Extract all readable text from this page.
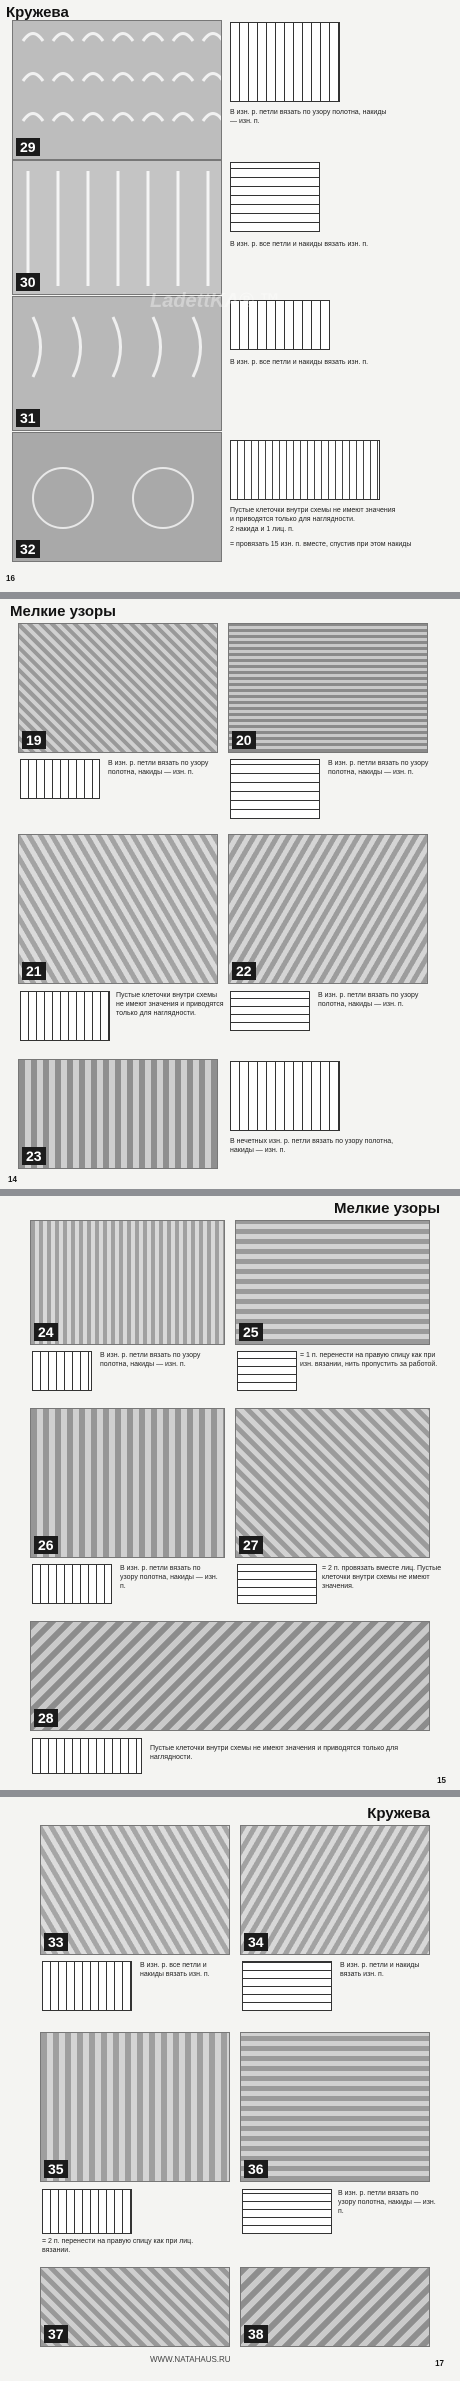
Кружева
29
В изн. р. петли вязать по узору полотна, накиды — изн. п.
30
В изн. р. все петли и накиды вязать изн. п.
31
В изн. р. все петли и накиды вязать изн. п.
32
Пустые клеточки внутри схемы не имеют значения и приводятся только для наглядности.
2 накида и 1 лиц. п.
= провязать 15 изн. п. вместе, спустив при этом накиды
16
LadettKA® ™
Мелкие узоры
19	20
В изн. р. петли вязать по узору полотна, накиды — изн. п.
В изн. р. петли вязать по узору полотна, накиды — изн. п.
21	22
Пустые клеточки внутри схемы не имеют значения и приводятся только для наглядности.
В изн. р. петли вязать по узору полотна, накиды — изн. п.
23
В нечетных изн. р. петли вязать по узору полотна, накиды — изн. п.
14
Мелкие узоры
24	25
В изн. р. петли вязать по узору полотна, накиды — изн. п.
= 1 п. перенести на правую спицу как при изн. вязании, нить пропустить за работой.
26	27
В изн. р. петли вязать по узору полотна, накиды — изн. п.
= 2 п. провязать вместе лиц. Пустые клеточки внутри схемы не имеют значения.
28
Пустые клеточки внутри схемы не имеют значения и приводятся только для наглядности.
15
Кружева
33	34
В изн. р. все петли и накиды вязать изн. п.
В изн. р. петли и накиды вязать изн. п.
35	36
= 2 п. перенести на правую спицу как при лиц. вязании.
В изн. р. петли вязать по узору полотна, накиды — изн. п.
37	38
WWW.NATAHAUS.RU	17
